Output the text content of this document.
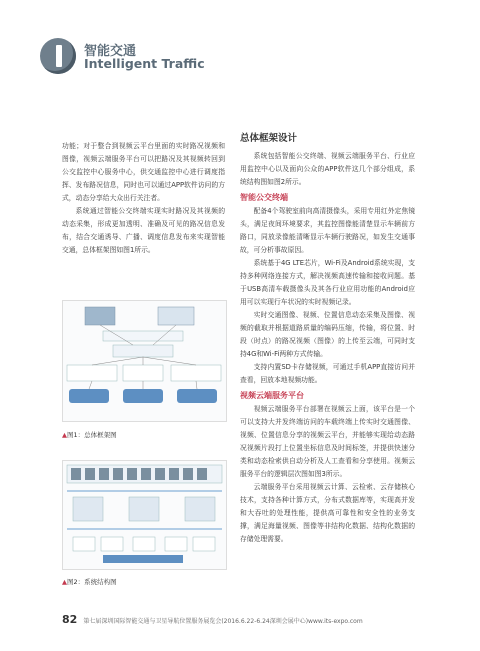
智能交通
Intelligent Traffic

功能；对于整合到视频云平台里面的实时路况视频和图像，视频云端服务平台可以把路况及其视频转回到公交监控中心服务中心，供交通监控中心进行调度指挥、发布路况信息，同时也可以通过APP软件访问的方式，动态分享给大众出行关注者。

系统通过智能公交终端实现实时路况及其视频的动态采集，形成更加透明、准确及可见的路况信息发布，结合交通诱导、广播、调度信息发布来实现智能交通，总体框架图如图1所示。

▲图1：总体框架图
▲图2：系统结构图
总体框架设计

系统包括智能公交终端、视频云端服务平台、行业应用监控中心以及面向公众的APP软件这几个部分组成，系统结构图如图2所示。

智能公交终端

配备4个驾驶室前向高清摄像头，采用专用红外定焦镜头，满足夜间环境要求，其监控图像能清楚显示车辆前方路口，同放录像能清晰显示车辆行驶路况，如发生交通事故，可分析事故原因。

系统基于4G LTE芯片，Wi-Fi及Android系统实现，支持多种网络连接方式，解决视频高速传输和接收问题。基于USB高清车载摄像头及其各行业应用功能的Android应用可以实现行车状况的实时视频记录。

实时交通图像、视频、位置信息动态采集及图像、视频的截取并根据道路质量的编码压缩，传输，将位置、时段（时点）的路况视频（图像）的上传至云端，可同时支持4G和Wi-Fi两种方式传输。

支持内置SD卡存储视频，可通过手机APP直接访问并查看，回放本地视频功能。

视频云端服务平台

视频云端服务平台部署在视频云上面，该平台是一个可以支持大并发终端访问的车载终端上传实时交通图像、视频、位置信息分享的视频云平台，并能够实现给动态路况视频片段打上位置坐标信息及时间标签，并提供快速分类和动态检索供自动分析及人工查看和分享使用。视频云服务平台的逻辑层次图如图3所示。

云端服务平台采用视频云计算、云检索、云存储核心技术，支持各种计算方式，分布式数据库等，实现高并发和大吞吐的处理性能，提供高可靠性和安全性的业务支撑，满足海量视频、图像等非结构化数据、结构化数据的存储处理需要。

82 第七届深圳国际智能交通与卫星导航位置服务展览会(2016.6.22-6.24深圳会展中心)www.its-expo.com
